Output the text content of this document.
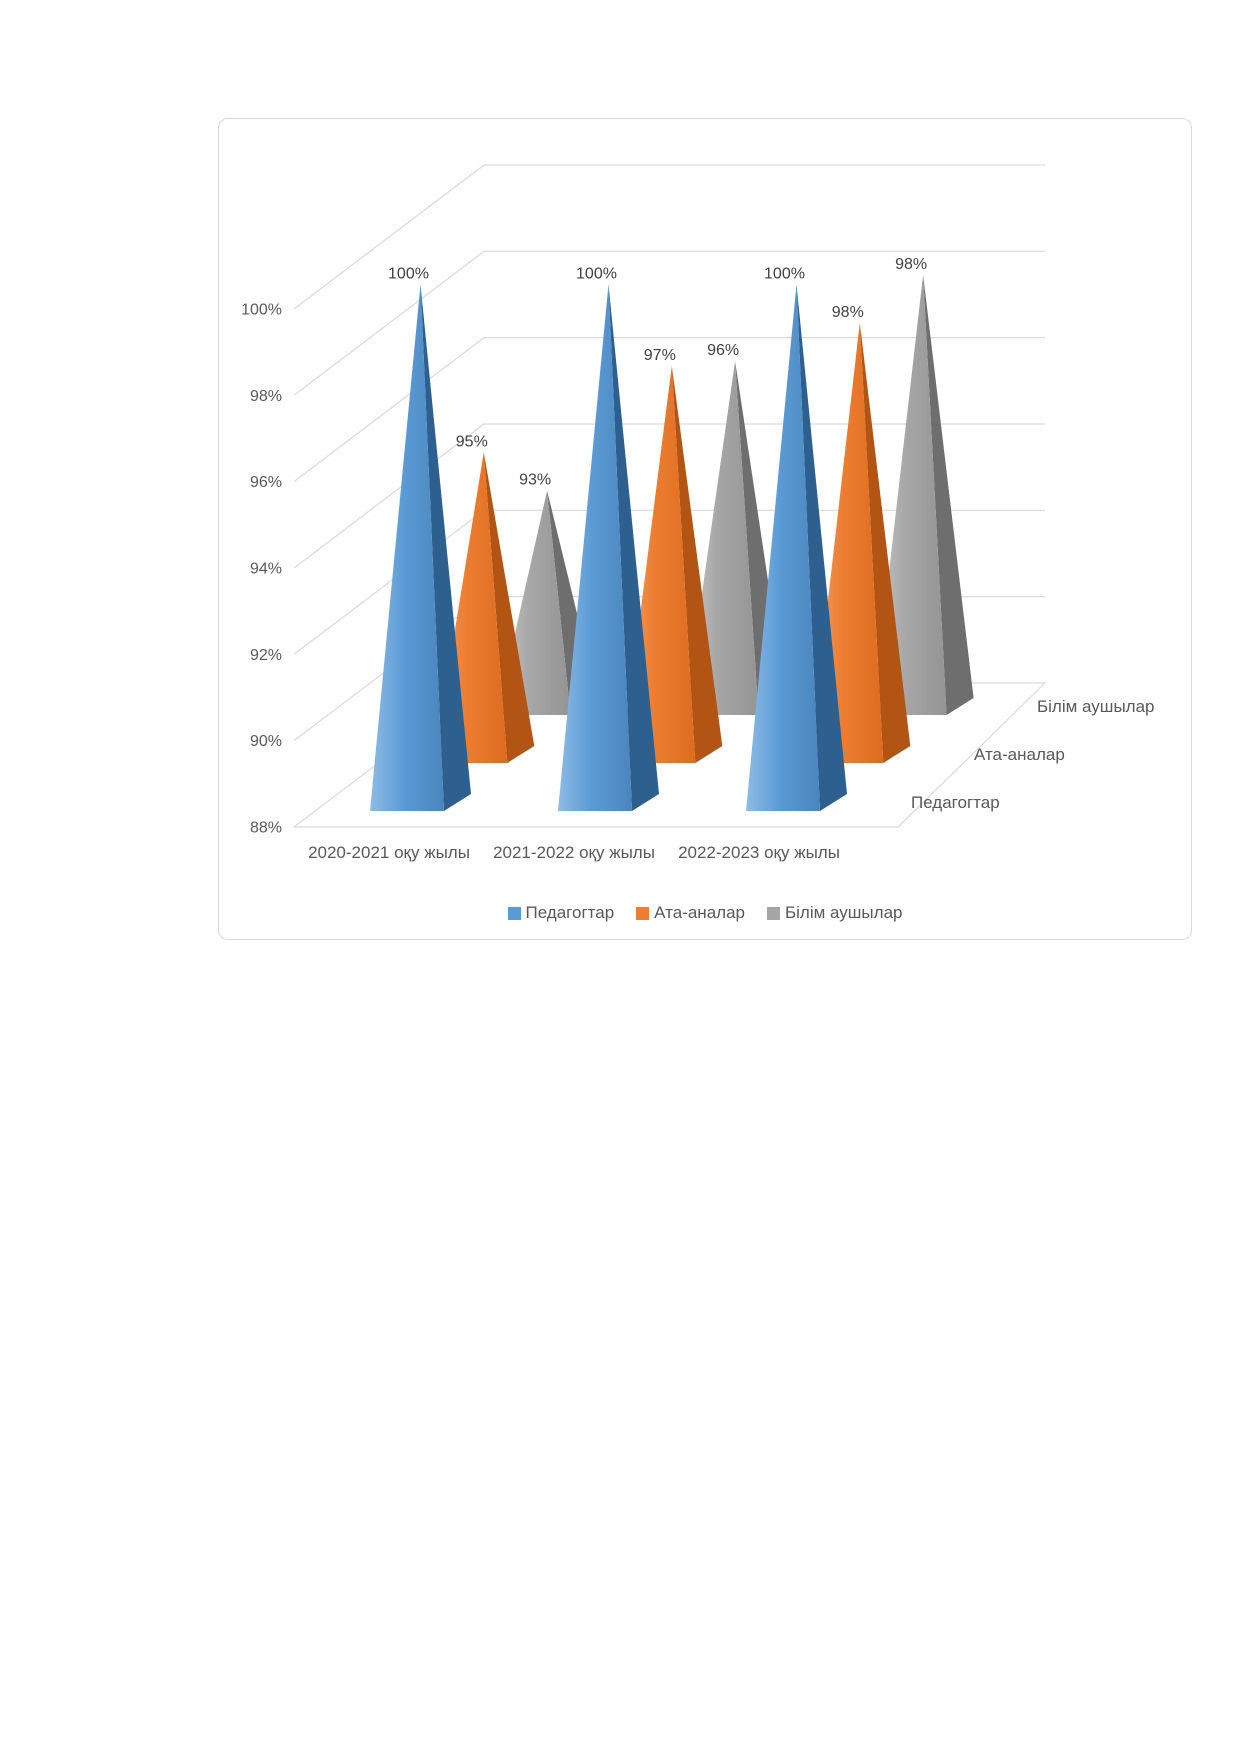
93%
96%
98%
95%
97%
98%
100%	100%	100%
2020-2021 оқу жылы 2021-2022 оқу жылы 2022-2023 оқу жылы
Педагогтар
Ата-аналар
Білім аушылар
88%
90%
92%
94%
96%
98%
100%
Педагогтар Ата-аналар Білім аушылар
